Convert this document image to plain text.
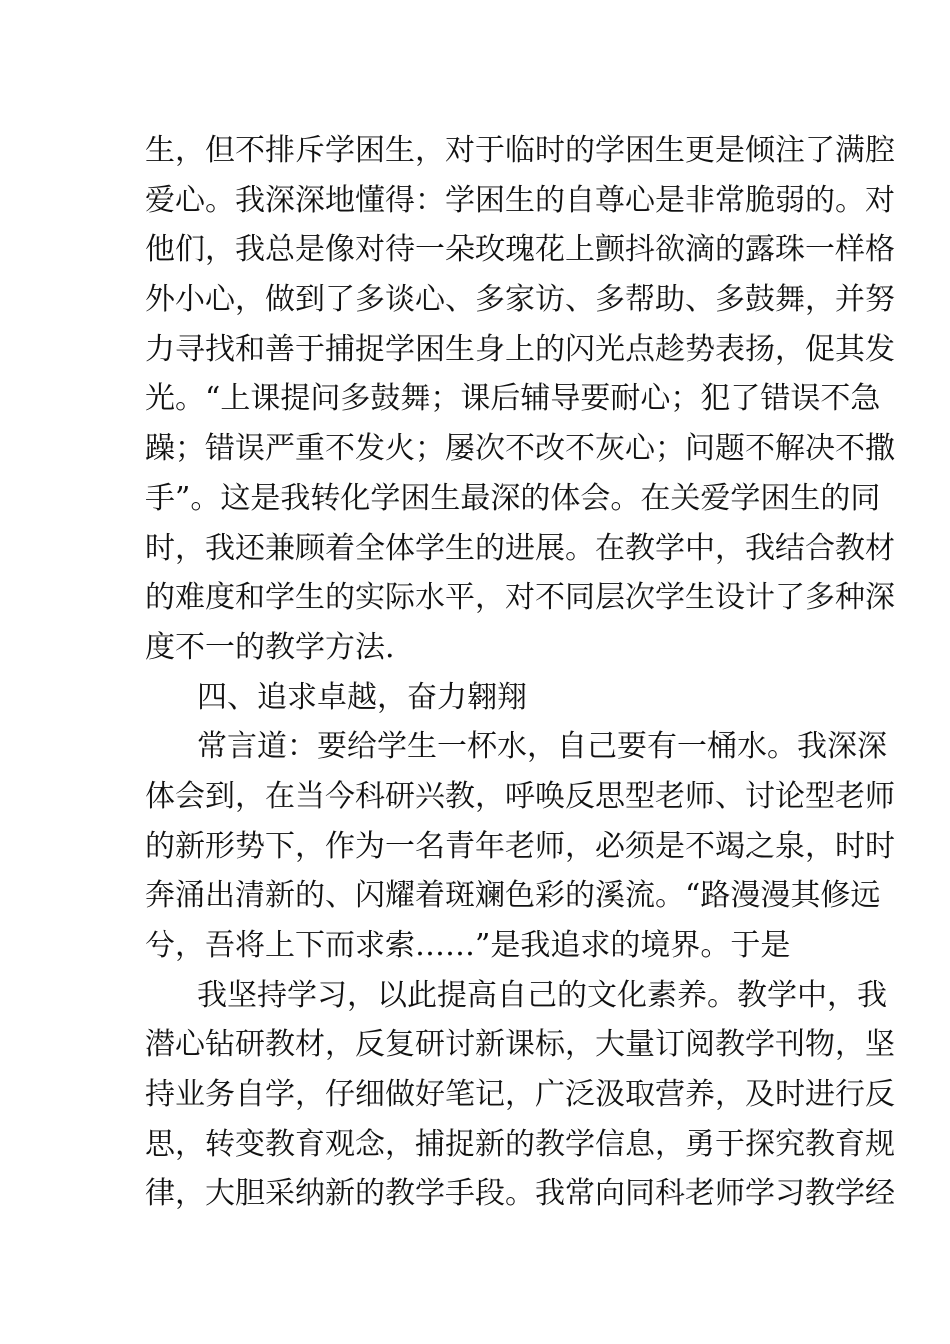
生，但不排斥学困生，对于临时的学困生更是倾注了满腔
爱心。我深深地懂得：学困生的自尊心是非常脆弱的。对
他们，我总是像对待一朵玫瑰花上颤抖欲滴的露珠一样格
外小心，做到了多谈心、多家访、多帮助、多鼓舞，并努
力寻找和善于捕捉学困生身上的闪光点趁势表扬，促其发
光。“上课提问多鼓舞；课后辅导要耐心；犯了错误不急
躁；错误严重不发火；屡次不改不灰心；问题不解决不撒
手”。这是我转化学困生最深的体会。在关爱学困生的同
时，我还兼顾着全体学生的进展。在教学中，我结合教材
的难度和学生的实际水平，对不同层次学生设计了多种深
度不一的教学方法.
四、追求卓越，奋力翱翔
常言道：要给学生一杯水，自己要有一桶水。我深深
体会到，在当今科研兴教，呼唤反思型老师、讨论型老师
的新形势下，作为一名青年老师，必须是不竭之泉，时时
奔涌出清新的、闪耀着斑斓色彩的溪流。“路漫漫其修远
兮，吾将上下而求索……”是我追求的境界。于是
我坚持学习，以此提高自己的文化素养。教学中，我
潜心钻研教材，反复研讨新课标，大量订阅教学刊物，坚
持业务自学，仔细做好笔记，广泛汲取营养，及时进行反
思，转变教育观念，捕捉新的教学信息，勇于探究教育规
律，大胆采纳新的教学手段。我常向同科老师学习教学经
